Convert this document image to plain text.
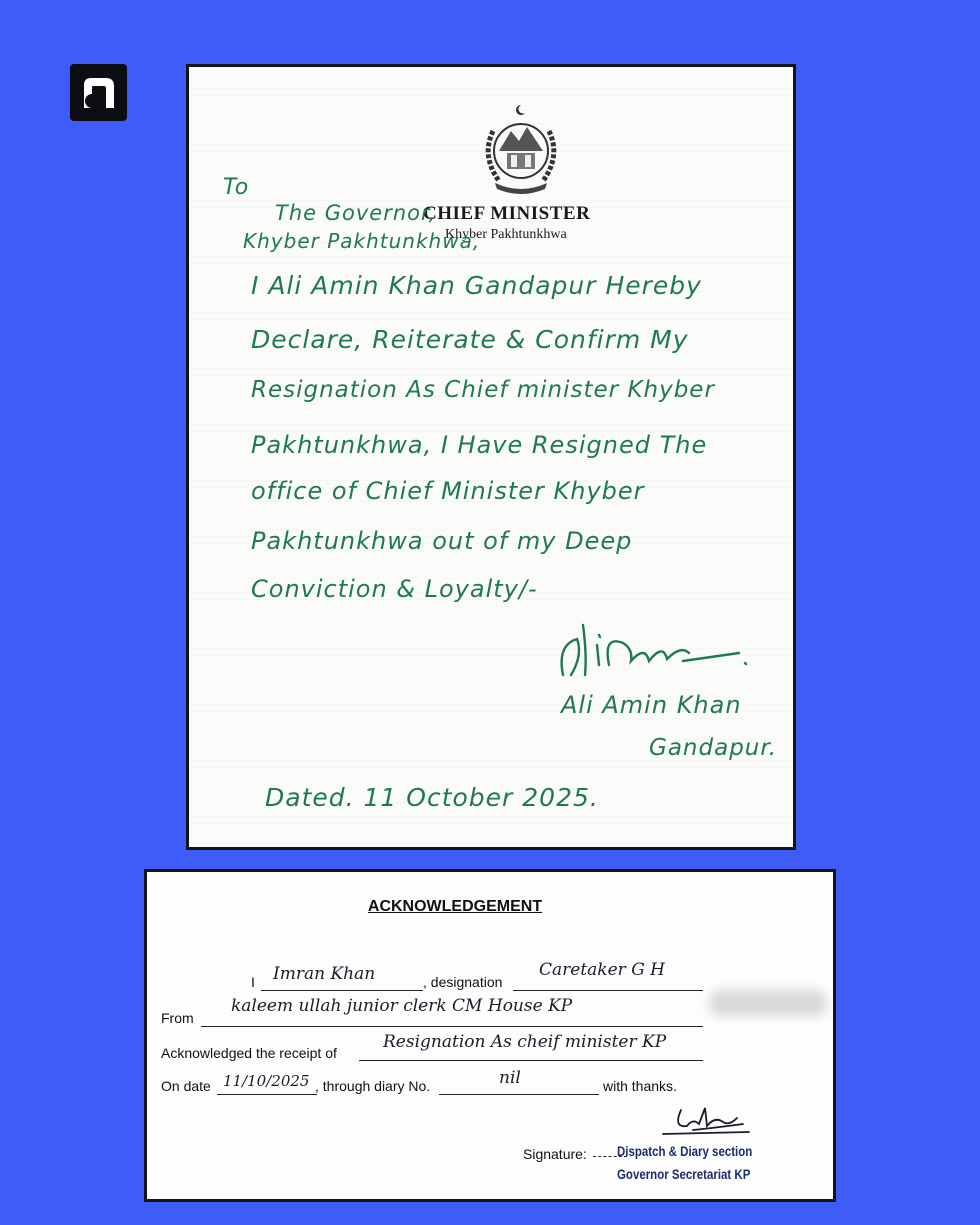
CHIEF MINISTER
Khyber Pakhtunkhwa
To
The Governor,
Khyber Pakhtunkhwa,
I Ali Amin Khan Gandapur Hereby
Declare, Reiterate & Confirm My
Resignation As Chief minister Khyber
Pakhtunkhwa, I Have Resigned The
office of Chief Minister Khyber
Pakhtunkhwa out of my Deep
Conviction & Loyalty/-
Ali Amin Khan
Gandapur.
Dated. 11 October 2025.
ACKNOWLEDGEMENT
I Imran Khan	, designation
Caretaker G H
From
kaleem ullah junior clerk CM House KP
Acknowledged the receipt of
Resignation As cheif minister KP
On date 11/10/2025 , through diary No.	nil	with thanks.
Signature: Dispatch & Diary section
Governor Secretariat KP
